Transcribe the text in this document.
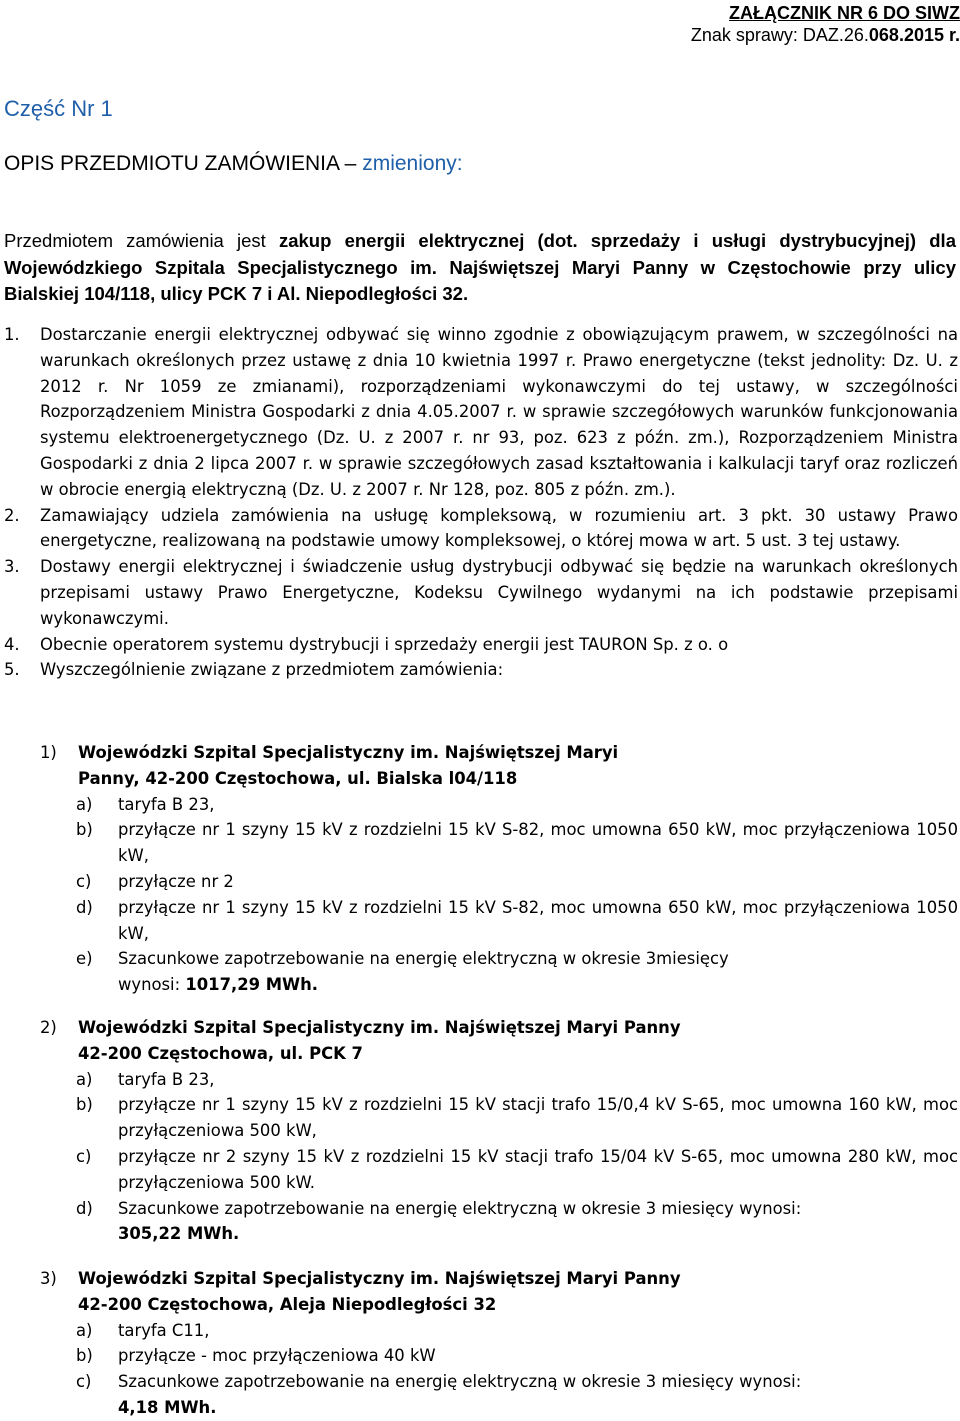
ZAŁĄCZNIK NR 6 DO SIWZ
Znak sprawy: DAZ.26.068.2015 r.
Część Nr 1
OPIS PRZEDMIOTU ZAMÓWIENIA – zmieniony:
Przedmiotem zamówienia jest zakup energii elektrycznej (dot. sprzedaży i usługi dystrybucyjnej) dla Wojewódzkiego Szpitala Specjalistycznego im. Najświętszej Maryi Panny w Częstochowie przy ulicy Bialskiej 104/118, ulicy PCK 7 i Al. Niepodległości 32.
1.	Dostarczanie energii elektrycznej odbywać się winno zgodnie z obowiązującym prawem, w szczególności na warunkach określonych przez ustawę z dnia 10 kwietnia 1997 r. Prawo energetyczne (tekst jednolity: Dz. U. z 2012 r. Nr 1059 ze zmianami), rozporządzeniami wykonawczymi do tej ustawy, w szczególności Rozporządzeniem Ministra Gospodarki z dnia 4.05.2007 r. w sprawie szczegółowych warunków funkcjonowania systemu elektroenergetycznego (Dz. U. z 2007 r. nr 93, poz. 623 z późn. zm.), Rozporządzeniem Ministra Gospodarki z dnia 2 lipca 2007 r. w sprawie szczegółowych zasad kształtowania i kalkulacji taryf oraz rozliczeń w obrocie energią elektryczną (Dz. U. z 2007 r. Nr 128, poz. 805 z późn. zm.).
2.	Zamawiający udziela zamówienia na usługę kompleksową, w rozumieniu art. 3 pkt. 30 ustawy Prawo energetyczne, realizowaną na podstawie umowy kompleksowej, o której mowa w art. 5 ust. 3 tej ustawy.
3.	Dostawy energii elektrycznej i świadczenie usług dystrybucji odbywać się będzie na warunkach określonych przepisami ustawy Prawo Energetyczne, Kodeksu Cywilnego wydanymi na ich podstawie przepisami wykonawczymi.
4.	Obecnie operatorem systemu dystrybucji i sprzedaży energii jest TAURON Sp. z o. o
5.	Wyszczególnienie związane z przedmiotem zamówienia:
1)	Wojewódzki Szpital Specjalistyczny im. Najświętszej Maryi
Panny, 42-200 Częstochowa, ul. Bialska l04/118
a)	taryfa B 23,
b)	przyłącze nr 1 szyny 15 kV z rozdzielni 15 kV S-82, moc umowna 650 kW, moc przyłączeniowa 1050 kW,
c)	przyłącze nr 2
d)	przyłącze nr 1 szyny 15 kV z rozdzielni 15 kV S-82, moc umowna 650 kW, moc przyłączeniowa 1050 kW,
e)	Szacunkowe zapotrzebowanie na energię elektryczną w okresie 3miesięcy
wynosi: 1017,29 MWh.
2)	Wojewódzki Szpital Specjalistyczny im. Najświętszej Maryi Panny
42-200 Częstochowa, ul. PCK 7
a)	taryfa B 23,
b)	przyłącze nr 1 szyny 15 kV z rozdzielni 15 kV stacji trafo 15/0,4 kV S-65, moc umowna 160 kW, moc przyłączeniowa 500 kW,
c)	przyłącze nr 2 szyny 15 kV z rozdzielni 15 kV stacji trafo 15/04 kV S-65, moc umowna 280 kW, moc przyłączeniowa 500 kW.
d)	Szacunkowe zapotrzebowanie na energię elektryczną w okresie 3 miesięcy wynosi:
305,22 MWh.
3)	Wojewódzki Szpital Specjalistyczny im. Najświętszej Maryi Panny
42-200 Częstochowa, Aleja Niepodległości 32
a)	taryfa C11,
b)	przyłącze - moc przyłączeniowa 40 kW
c)	Szacunkowe zapotrzebowanie na energię elektryczną w okresie 3 miesięcy wynosi:
4,18 MWh.
